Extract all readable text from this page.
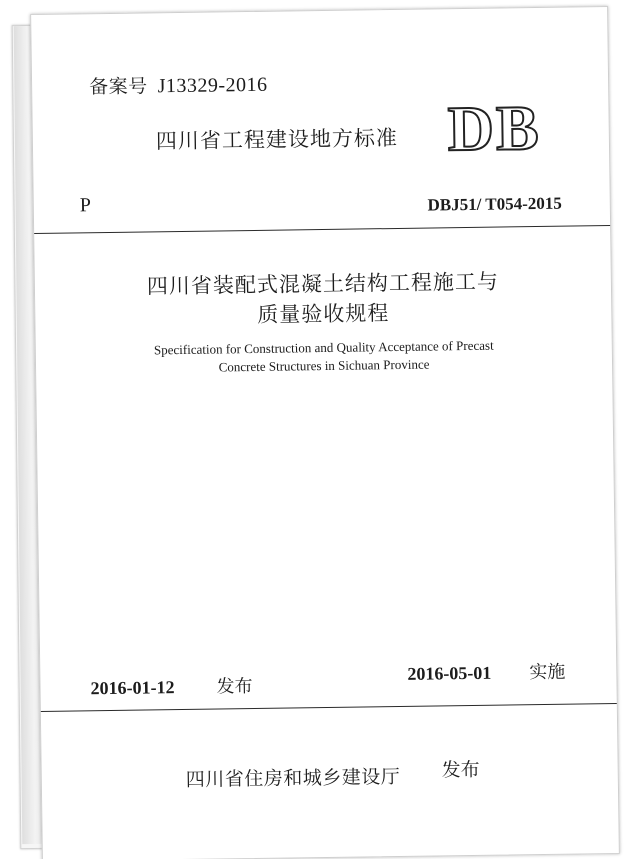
备案号 J13329-2016
四川省工程建设地方标准 DB
P	DBJ51/ T054-2015
四川省装配式混凝土结构工程施工与
质量验收规程
Specification for Construction and Quality Acceptance of Precast
Concrete Structures in Sichuan Province
2016-01-12 发布
2016-05-01 实施
四川省住房和城乡建设厅 发布
